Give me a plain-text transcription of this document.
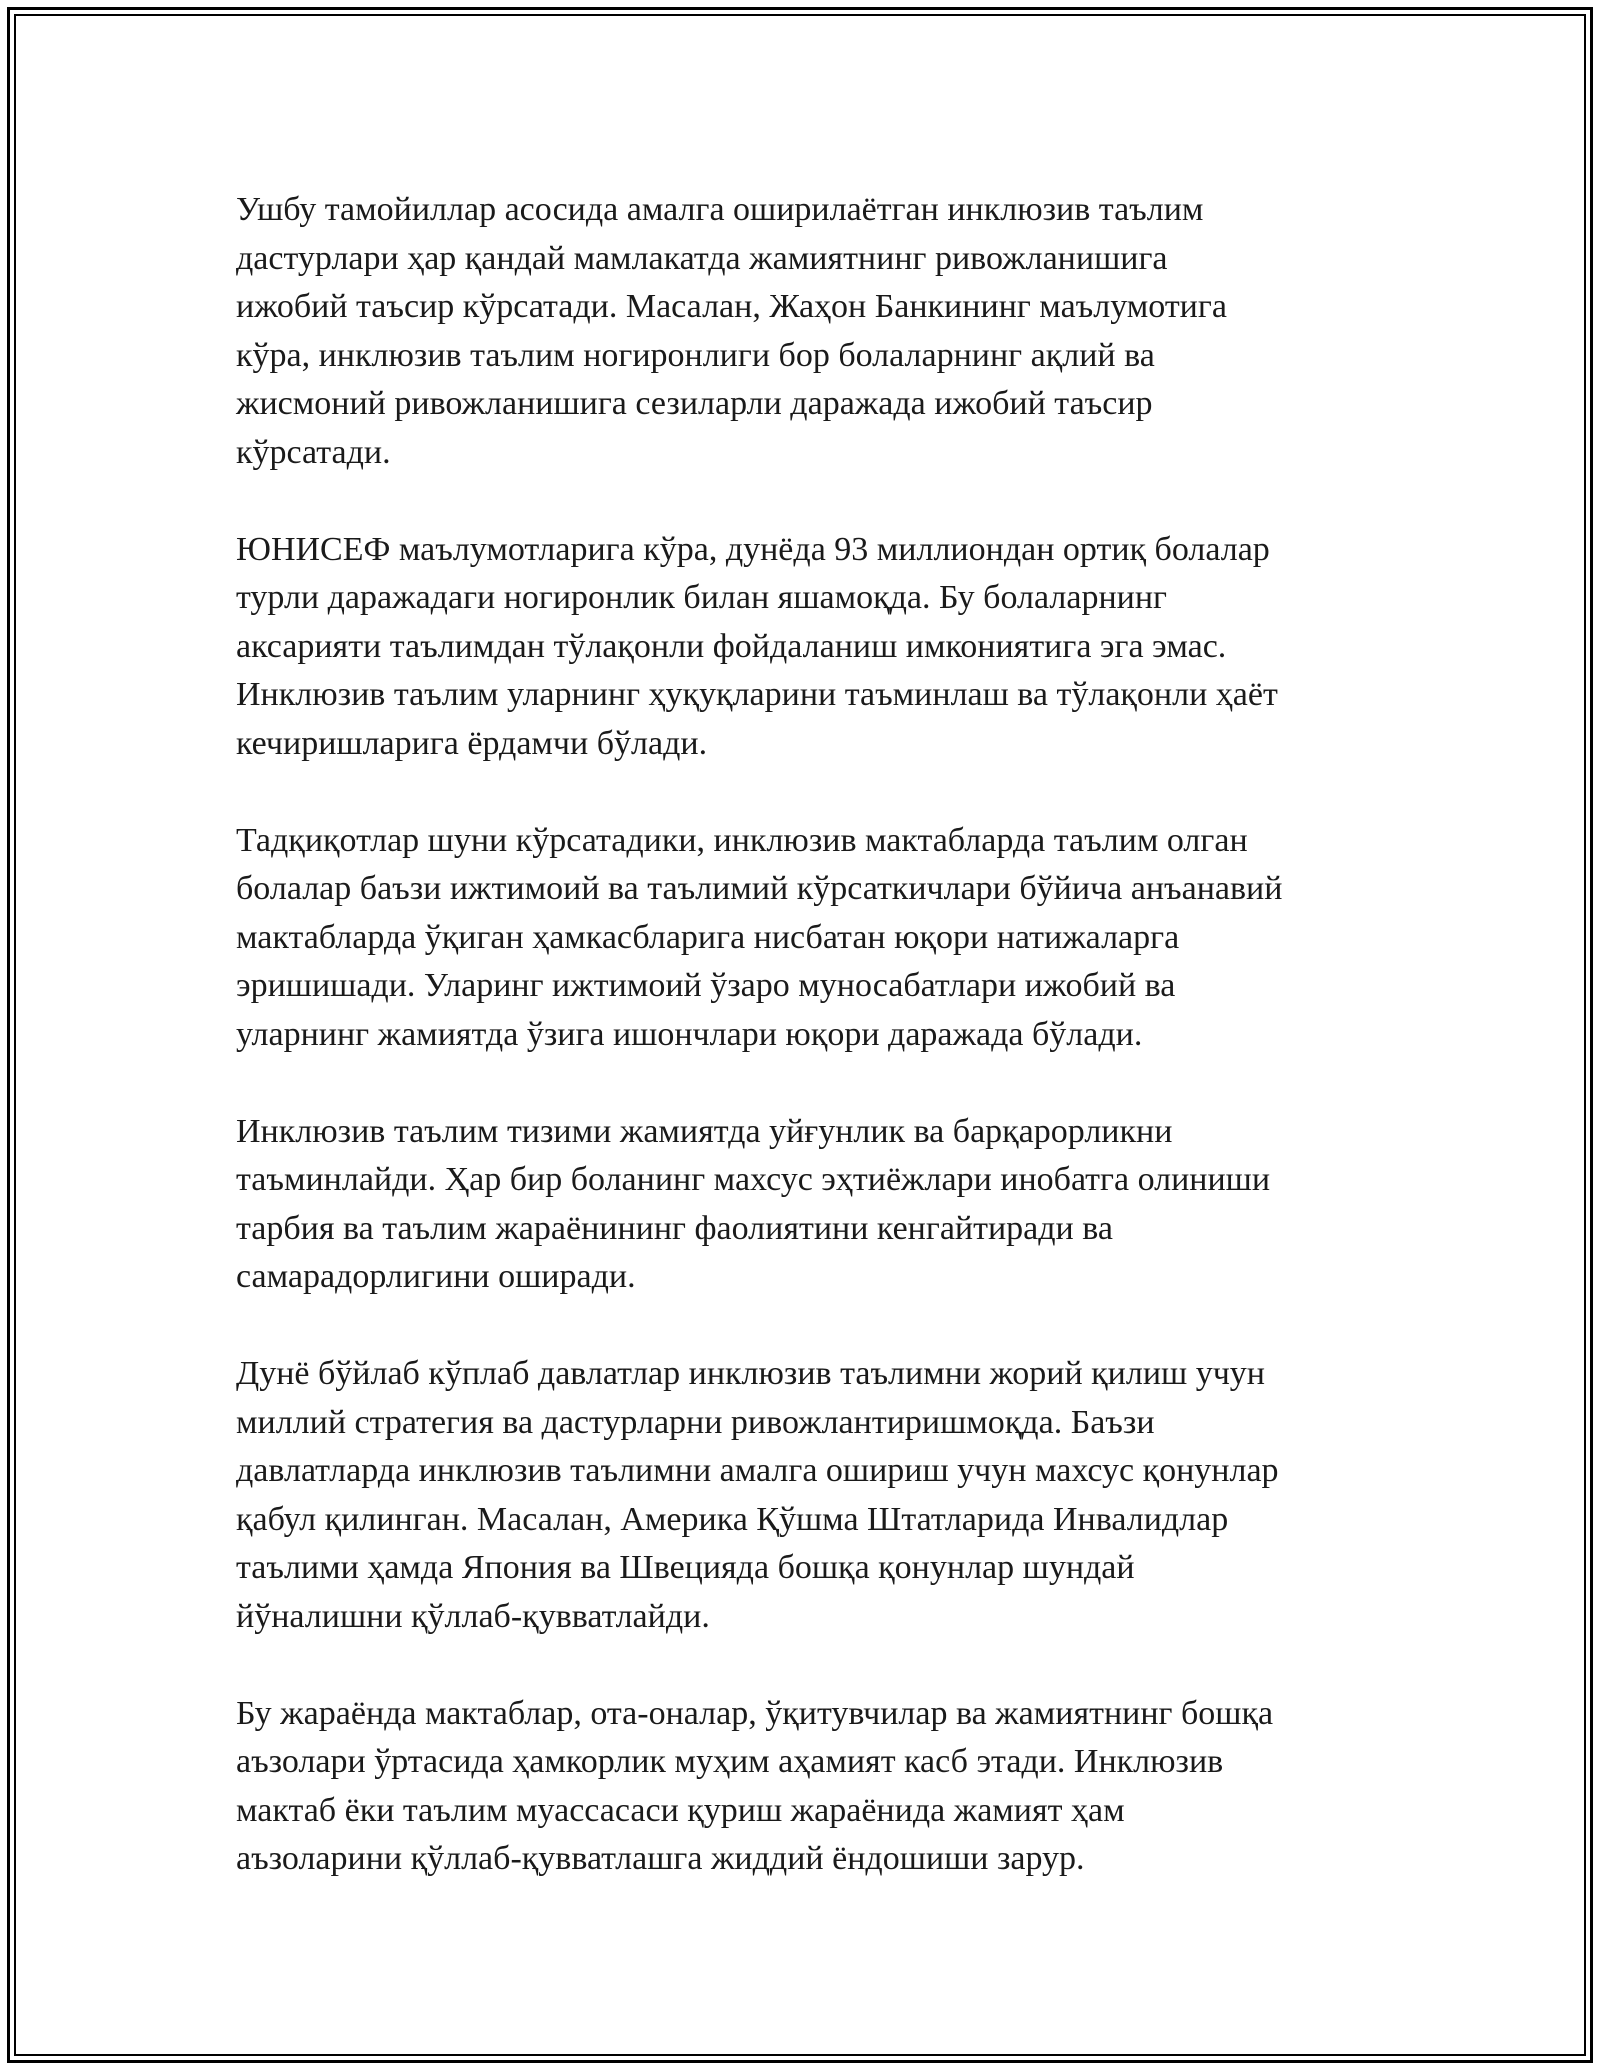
Ушбу тамойиллар асосида амалга оширилаётган инклюзив таълим
дастурлари ҳар қандай мамлакатда жамиятнинг ривожланишига
ижобий таъсир кўрсатади. Масалан, Жаҳон Банкининг маълумотига
кўра, инклюзив таълим ногиронлиги бор болаларнинг ақлий ва
жисмоний ривожланишига сезиларли даражада ижобий таъсир
кўрсатади.

ЮНИСЕФ маълумотларига кўра, дунёда 93 миллиондан ортиқ болалар
турли даражадаги ногиронлик билан яшамоқда. Бу болаларнинг
аксарияти таълимдан тўлақонли фойдаланиш имкониятига эга эмас.
Инклюзив таълим уларнинг ҳуқуқларини таъминлаш ва тўлақонли ҳаёт
кечиришларига ёрдамчи бўлади.

Тадқиқотлар шуни кўрсатадики, инклюзив мактабларда таълим олган
болалар баъзи ижтимоий ва таълимий кўрсаткичлари бўйича анъанавий
мактабларда ўқиган ҳамкасбларига нисбатан юқори натижаларга
эришишади. Уларинг ижтимоий ўзаро муносабатлари ижобий ва
уларнинг жамиятда ўзига ишончлари юқори даражада бўлади.

Инклюзив таълим тизими жамиятда уйғунлик ва барқарорликни
таъминлайди. Ҳар бир боланинг махсус эҳтиёжлари инобатга олиниши
тарбия ва таълим жараёнининг фаолиятини кенгайтиради ва
самарадорлигини оширади.

Дунё бўйлаб кўплаб давлатлар инклюзив таълимни жорий қилиш учун
миллий стратегия ва дастурларни ривожлантиришмоқда. Баъзи
давлатларда инклюзив таълимни амалга ошириш учун махсус қонунлар
қабул қилинган. Масалан, Америка Қўшма Штатларида Инвалидлар
таълими ҳамда Япония ва Швецияда бошқа қонунлар шундай
йўналишни қўллаб-қувватлайди.

Бу жараёнда мактаблар, ота-оналар, ўқитувчилар ва жамиятнинг бошқа
аъзолари ўртасида ҳамкорлик муҳим аҳамият касб этади. Инклюзив
мактаб ёки таълим муассасаси қуриш жараёнида жамият ҳам
аъзоларини қўллаб-қувватлашга жиддий ёндошиши зарур.
